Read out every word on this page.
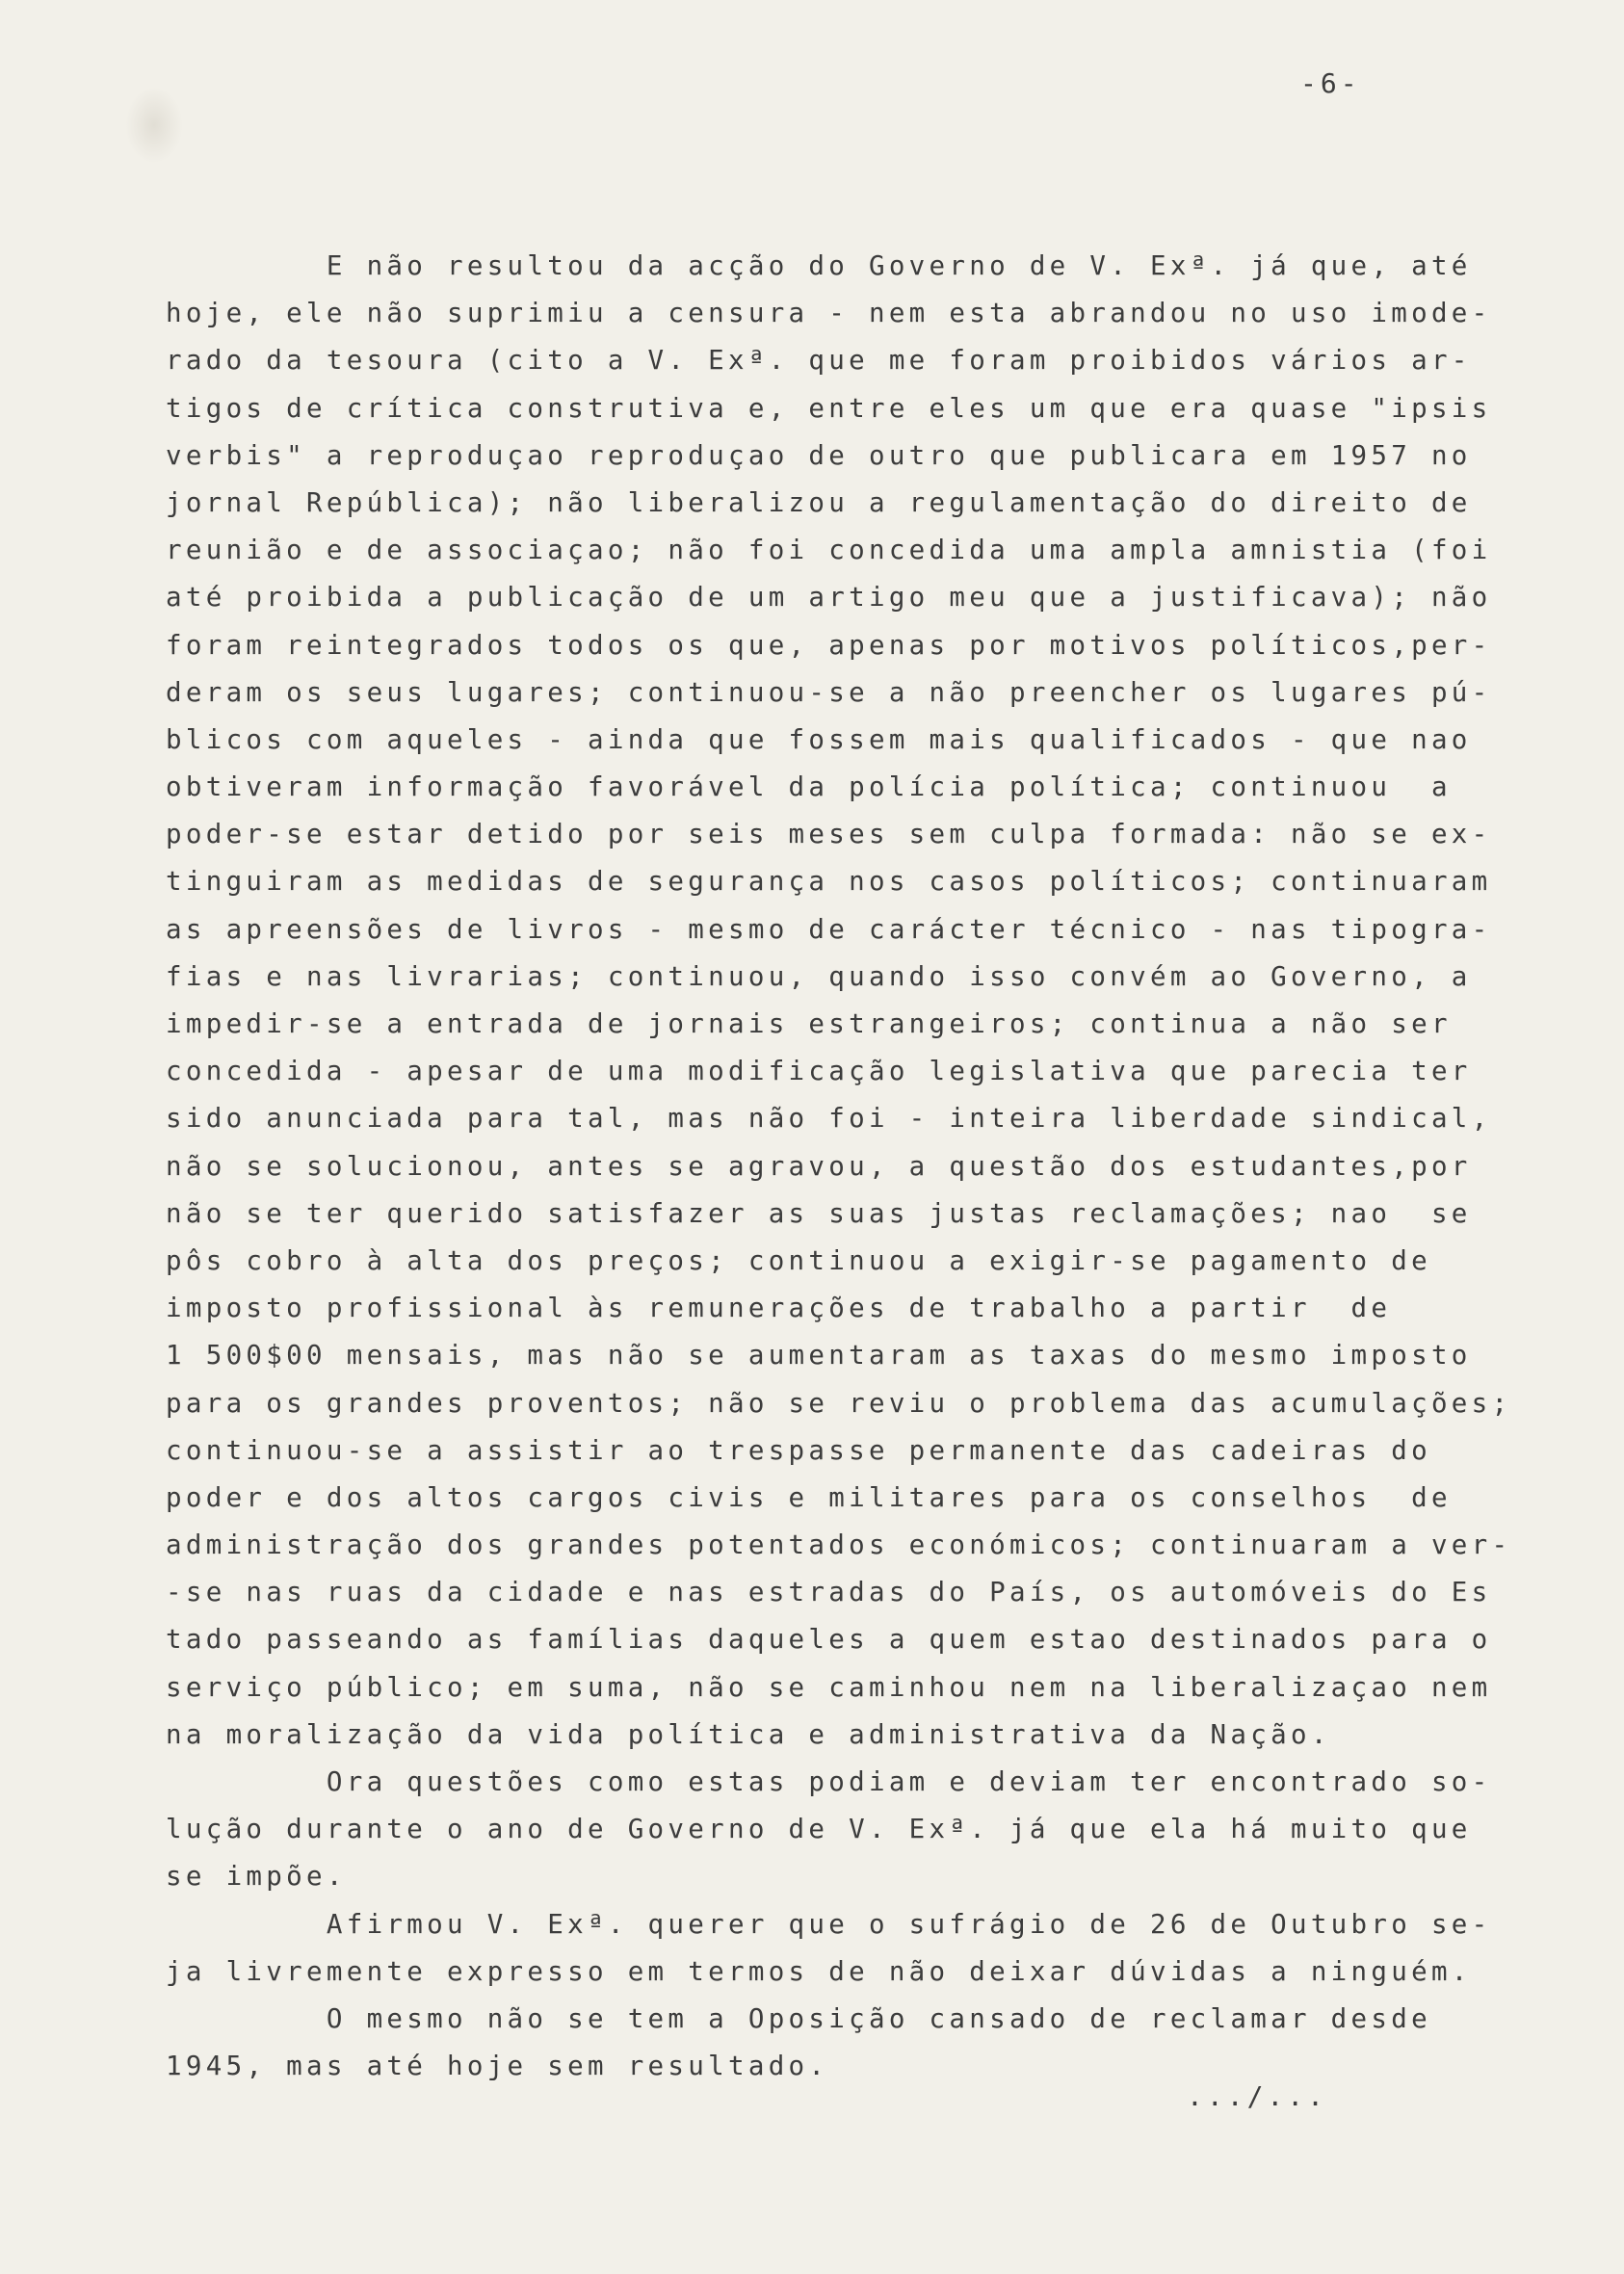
-6-
E não resultou da acção do Governo de V. Exª. já que, até
hoje, ele não suprimiu a censura - nem esta abrandou no uso imode-
rado da tesoura (cito a V. Exª. que me foram proibidos vários ar-
tigos de crítica construtiva e, entre eles um que era quase "ipsis
verbis" a reproduçao reproduçao de outro que publicara em 1957 no
jornal República); não liberalizou a regulamentação do direito de
reunião e de associaçao; não foi concedida uma ampla amnistia (foi
até proibida a publicação de um artigo meu que a justificava); não
foram reintegrados todos os que, apenas por motivos políticos,per-
deram os seus lugares; continuou-se a não preencher os lugares pú-
blicos com aqueles - ainda que fossem mais qualificados - que nao
obtiveram informação favorável da polícia política; continuou  a
poder-se estar detido por seis meses sem culpa formada: não se ex-
tinguiram as medidas de segurança nos casos políticos; continuaram
as apreensões de livros - mesmo de carácter técnico - nas tipogra-
fias e nas livrarias; continuou, quando isso convém ao Governo, a
impedir-se a entrada de jornais estrangeiros; continua a não ser
concedida - apesar de uma modificação legislativa que parecia ter
sido anunciada para tal, mas não foi - inteira liberdade sindical,
não se solucionou, antes se agravou, a questão dos estudantes,por
não se ter querido satisfazer as suas justas reclamações; nao  se
pôs cobro à alta dos preços; continuou a exigir-se pagamento de
imposto profissional às remunerações de trabalho a partir  de
1 500$00 mensais, mas não se aumentaram as taxas do mesmo imposto
para os grandes proventos; não se reviu o problema das acumulações;
continuou-se a assistir ao trespasse permanente das cadeiras do
poder e dos altos cargos civis e militares para os conselhos  de
administração dos grandes potentados económicos; continuaram a ver-
-se nas ruas da cidade e nas estradas do País, os automóveis do Es
tado passeando as famílias daqueles a quem estao destinados para o
serviço público; em suma, não se caminhou nem na liberalizaçao nem
na moralização da vida política e administrativa da Nação.
Ora questões como estas podiam e deviam ter encontrado so-
lução durante o ano de Governo de V. Exª. já que ela há muito que
se impõe.
Afirmou V. Exª. querer que o sufrágio de 26 de Outubro se-
ja livremente expresso em termos de não deixar dúvidas a ninguém.
O mesmo não se tem a Oposição cansado de reclamar desde
1945, mas até hoje sem resultado.
.../...
